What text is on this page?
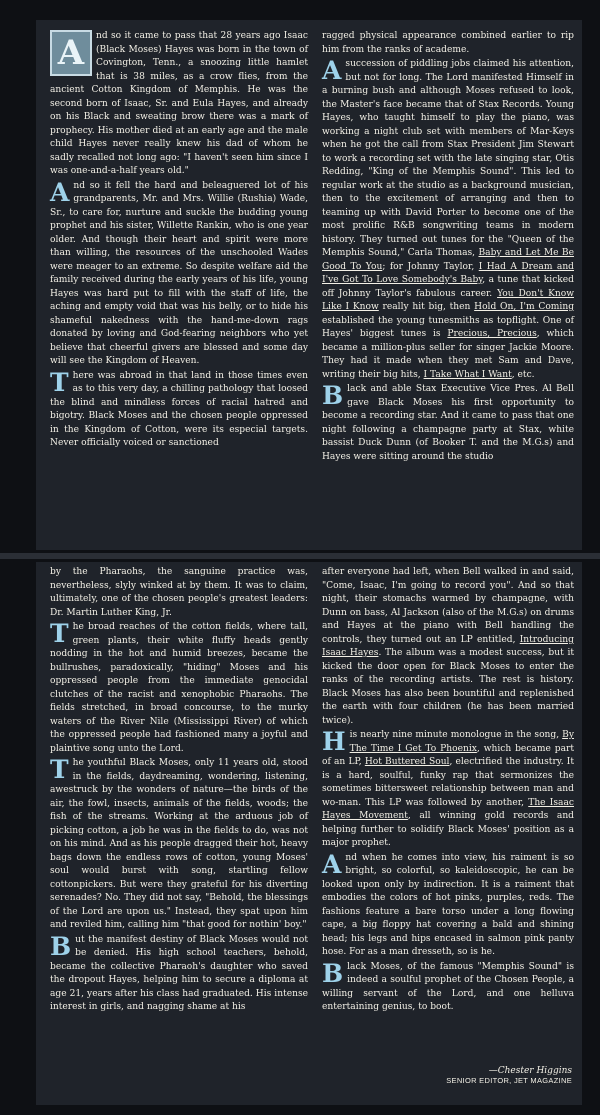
A	nd so it came to pass that 28 years ago Isaac (Black Moses) Hayes was born in the town of Covington, Tenn., a snoozing little hamlet that is 38 miles, as a crow flies, from the ancient Cotton Kingdom of Memphis. He was the second born of Isaac, Sr. and Eula Hayes, and already on his Black and sweating brow there was a mark of prophecy. His mother died at an early age and the male child Hayes never really knew his dad of whom he sadly recalled not long ago: "I haven't seen him since I was one-and-a-half years old."

And so it fell the hard and beleaguered lot of his grandparents, Mr. and Mrs. Willie (Rushia) Wade, Sr., to care for, nurture and suckle the budding young prophet and his sister, Willette Rankin, who is one year older. And though their heart and spirit were more than willing, the resources of the unschooled Wades were meager to an extreme. So despite welfare aid the family received during the early years of his life, young Hayes was hard put to fill with the staff of life, the aching and empty void that was his belly, or to hide his shameful nakedness with the hand-me-down rags donated by loving and God-fearing neighbors who yet believe that cheerful givers are blessed and some day will see the Kingdom of Heaven.

There was abroad in that land in those times even as to this very day, a chilling pathology that loosed the blind and mindless forces of racial hatred and bigotry. Black Moses and the chosen people oppressed in the Kingdom of Cotton, were its especial targets. Never officially voiced or sanctioned

ragged physical appearance combined earlier to rip him from the ranks of academe.

A succession of piddling jobs claimed his attention, but not for long. The Lord manifested Himself in a burning bush and although Moses refused to look, the Master's face became that of Stax Records. Young Hayes, who taught himself to play the piano, was working a night club set with members of Mar-Keys when he got the call from Stax President Jim Stewart to work a recording set with the late singing star, Otis Redding, "King of the Memphis Sound". This led to regular work at the studio as a background musician, then to the excitement of arranging and then to teaming up with David Porter to become one of the most prolific R&B songwriting teams in modern history. They turned out tunes for the "Queen of the Memphis Sound," Carla Thomas, Baby and Let Me Be Good To You; for Johnny Taylor, I Had A Dream and I've Got To Love Somebody's Baby, a tune that kicked off Johnny Taylor's fabulous career. You Don't Know Like I Know really hit big, then Hold On, I'm Coming established the young tunesmiths as topflight. One of Hayes' biggest tunes is Precious, Precious, which became a million-plus seller for singer Jackie Moore. They had it made when they met Sam and Dave, writing their big hits, I Take What I Want, etc.

Black and able Stax Executive Vice Pres. Al Bell gave Black Moses his first opportunity to become a recording star. And it came to pass that one night following a champagne party at Stax, white bassist Duck Dunn (of Booker T. and the M.G.s) and Hayes were sitting around the studio

by the Pharaohs, the sanguine practice was, nevertheless, slyly winked at by them. It was to claim, ultimately, one of the chosen people's greatest leaders: Dr. Martin Luther King, Jr.

The broad reaches of the cotton fields, where tall, green plants, their white fluffy heads gently nodding in the hot and humid breezes, became the bullrushes, paradoxically, "hiding" Moses and his oppressed people from the immediate genocidal clutches of the racist and xenophobic Pharaohs. The fields stretched, in broad concourse, to the murky waters of the River Nile (Mississippi River) of which the oppressed people had fashioned many a joyful and plaintive song unto the Lord.

The youthful Black Moses, only 11 years old, stood in the fields, daydreaming, wondering, listening, awestruck by the wonders of nature—the birds of the air, the fowl, insects, animals of the fields, woods; the fish of the streams. Working at the arduous job of picking cotton, a job he was in the fields to do, was not on his mind. And as his people dragged their hot, heavy bags down the endless rows of cotton, young Moses' soul would burst with song, startling fellow cottonpickers. But were they grateful for his diverting serenades? No. They did not say, "Behold, the blessings of the Lord are upon us." Instead, they spat upon him and reviled him, calling him "that good for nothin' boy."

But the manifest destiny of Black Moses would not be denied. His high school teachers, behold, became the collective Pharaoh's daughter who saved the dropout Hayes, helping him to secure a diploma at age 21, years after his class had graduated. His intense interest in girls, and nagging shame at his

after everyone had left, when Bell walked in and said, "Come, Isaac, I'm going to record you". And so that night, their stomachs warmed by champagne, with Dunn on bass, Al Jackson (also of the M.G.s) on drums and Hayes at the piano with Bell handling the controls, they turned out an LP entitled, Introducing Isaac Hayes. The album was a modest success, but it kicked the door open for Black Moses to enter the ranks of the recording artists. The rest is history. Black Moses has also been bountiful and replenished the earth with four children (he has been married twice).

His nearly nine minute monologue in the song, By The Time I Get To Phoenix, which became part of an LP, Hot Buttered Soul, electrified the industry. It is a hard, soulful, funky rap that sermonizes the sometimes bittersweet relationship between man and wo-man. This LP was followed by another, The Isaac Hayes Movement, all winning gold records and helping further to solidify Black Moses' position as a major prophet.

And when he comes into view, his raiment is so bright, so colorful, so kaleidoscopic, he can be looked upon only by indirection. It is a raiment that embodies the colors of hot pinks, purples, reds. The fashions feature a bare torso under a long flowing cape, a big floppy hat covering a bald and shining head; his legs and hips encased in salmon pink panty hose. For as a man dresseth, so is he.

Black Moses, of the famous "Memphis Sound" is indeed a soulful prophet of the Chosen People, a willing servant of the Lord, and one helluva entertaining genius, to boot.

—Chester Higgins
SENIOR EDITOR, JET MAGAZINE
